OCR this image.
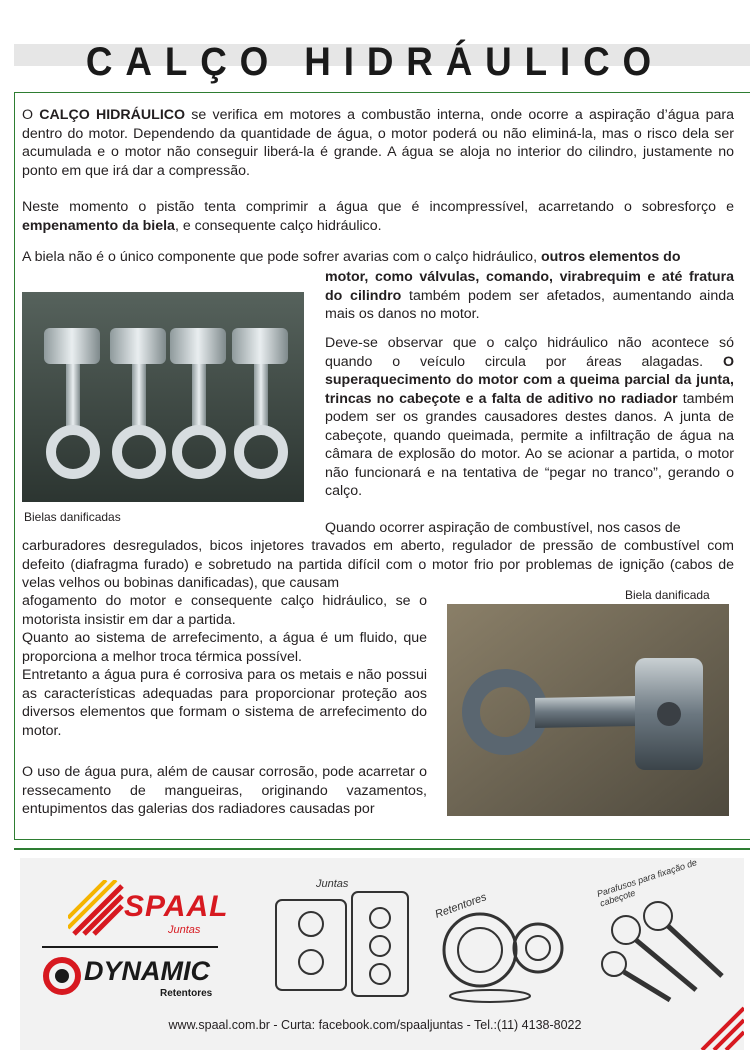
CALÇO HIDRÁULICO

O CALÇO HIDRÁULICO se verifica em motores a combustão interna, onde ocorre a aspiração d’água para dentro do motor. Dependendo da quantidade de água, o motor poderá ou não eliminá-la, mas o risco dela ser acumulada e o motor não conseguir liberá-la é grande. A água se aloja no interior do cilindro, justamente no ponto em que irá dar a compressão.

Neste momento o pistão tenta comprimir a água que é incompressível, acarretando o sobresforço e empenamento da biela, e consequente calço hidráulico.

A biela não é o único componente que pode sofrer avarias com o calço hidráulico, outros elementos do

motor, como válvulas, comando, virabrequim e até fratura do cilindro também podem ser afetados, aumentando ainda mais os danos no motor.

Bielas danificadas

Deve-se observar que o calço hidráulico não acontece só quando o veículo circula por áreas alagadas. O superaquecimento do motor com a queima parcial da junta, trincas no cabeçote e a falta de aditivo no radiador também podem ser os grandes causadores destes danos. A junta de cabeçote, quando queimada, permite a infiltração de água na câmara de explosão do motor. Ao se acionar a partida, o motor não funcionará e na tentativa de “pegar no tranco”, gerando o calço.

Quando ocorrer aspiração de combustível, nos casos de

carburadores desregulados, bicos injetores travados em aberto, regulador de pressão de combustível com defeito (diafragma furado) e sobretudo na partida difícil com o motor frio por problemas de ignição (cabos de velas velhos ou bobinas danificadas), que causam

afogamento do motor e consequente calço hidráulico, se o motorista insistir em dar a partida.

Biela danificada

Quanto ao sistema de arrefecimento, a água é um fluido, que proporciona a melhor troca térmica possível.

Entretanto a água pura é corrosiva para os metais e não possui as características adequadas para proporcionar proteção aos diversos elementos que formam o sistema de arrefecimento do motor.

O uso de água pura, além de causar corrosão, pode acarretar o ressecamento de mangueiras, originando vazamentos, entupimentos das galerias dos radiadores causadas por

SPAAL
Juntas
DYNAMIC
Retentores
Juntas
Retentores
Parafusos para fixação de cabeçote
www.spaal.com.br - Curta: facebook.com/spaaljuntas - Tel.:(11) 4138-8022
